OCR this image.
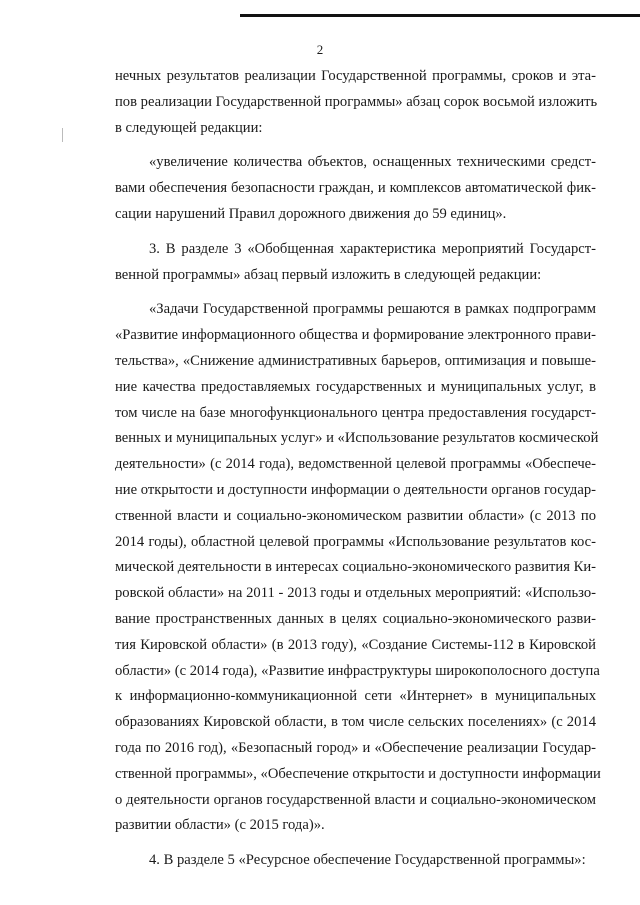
2

нечных результатов реализации Государственной программы, сроков и эта-
пов реализации Государственной программы» абзац сорок восьмой изложить
в следующей редакции:

«увеличение количества объектов, оснащенных техническими средст-
вами обеспечения безопасности граждан, и комплексов автоматической фик-
сации нарушений Правил дорожного движения до 59 единиц».

3. В разделе 3 «Обобщенная характеристика мероприятий Государст-
венной программы» абзац первый изложить в следующей редакции:

«Задачи Государственной программы решаются в рамках подпрограмм
«Развитие информационного общества и формирование электронного прави-
тельства», «Снижение административных барьеров, оптимизация и повыше-
ние качества предоставляемых государственных и муниципальных услуг, в
том числе на базе многофункционального центра предоставления государст-
венных и муниципальных услуг» и «Использование результатов космической
деятельности» (с 2014 года), ведомственной целевой программы «Обеспече-
ние открытости и доступности информации о деятельности органов государ-
ственной власти и социально-экономическом развитии области» (с 2013 по
2014 годы), областной целевой программы «Использование результатов кос-
мической деятельности в интересах социально-экономического развития Ки-
ровской области» на 2011 - 2013 годы и отдельных мероприятий: «Использо-
вание пространственных данных в целях социально-экономического разви-
тия Кировской области» (в 2013 году), «Создание Системы-112 в Кировской
области» (с 2014 года), «Развитие инфраструктуры широкополосного доступа
к информационно-коммуникационной сети «Интернет» в муниципальных
образованиях Кировской области, в том числе сельских поселениях» (с 2014
года по 2016 год), «Безопасный город» и «Обеспечение реализации Государ-
ственной программы», «Обеспечение открытости и доступности информации
о деятельности органов государственной власти и социально-экономическом
развитии области» (с 2015 года)».

4. В разделе 5 «Ресурсное обеспечение Государственной программы»:
